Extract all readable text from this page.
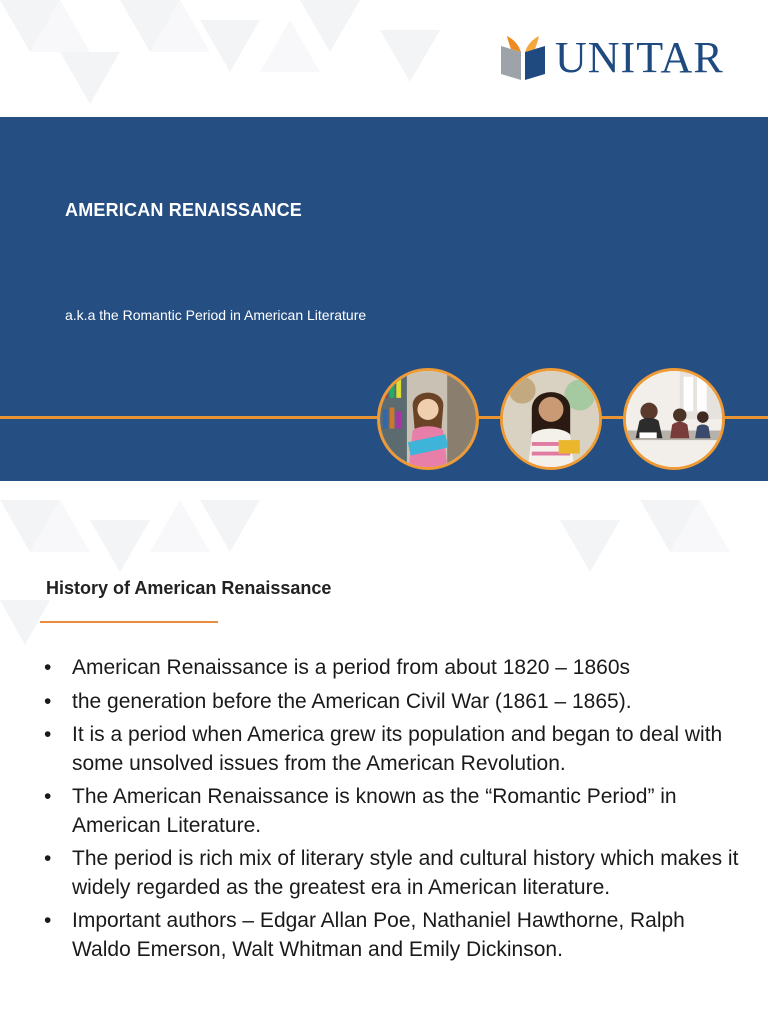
UNITAR
AMERICAN RENAISSANCE
a.k.a the Romantic Period in American Literature
History of American Renaissance
• American Renaissance is a period from about 1820 – 1860s
• the generation before the American Civil War (1861 – 1865).
• It is a period when America grew its population and began to deal with some unsolved issues from the American Revolution.
• The American Renaissance is known as the “Romantic Period” in American Literature.
• The period is rich mix of literary style and cultural history which makes it widely regarded as the greatest era in American literature.
• Important authors – Edgar Allan Poe, Nathaniel Hawthorne, Ralph Waldo Emerson, Walt Whitman and Emily Dickinson.
